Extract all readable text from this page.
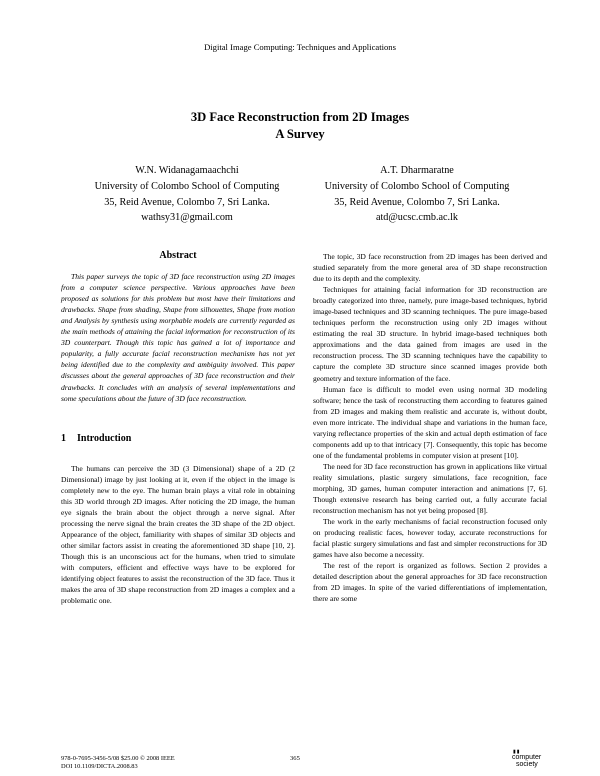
Digital Image Computing: Techniques and Applications
3D Face Reconstruction from 2D Images
A Survey
W.N. Widanagamaachchi
University of Colombo School of Computing
35, Reid Avenue, Colombo 7, Sri Lanka.
wathsy31@gmail.com
A.T. Dharmaratne
University of Colombo School of Computing
35, Reid Avenue, Colombo 7, Sri Lanka.
atd@ucsc.cmb.ac.lk
Abstract

This paper surveys the topic of 3D face reconstruction using 2D images from a computer science perspective. Various approaches have been proposed as solutions for this problem but most have their limitations and drawbacks. Shape from shading, Shape from silhouettes, Shape from motion and Analysis by synthesis using morphable models are currently regarded as the main methods of attaining the facial information for reconstruction of its 3D counterpart. Though this topic has gained a lot of importance and popularity, a fully accurate facial reconstruction mechanism has not yet being identified due to the complexity and ambiguity involved. This paper discusses about the general approaches of 3D face reconstruction and their drawbacks. It concludes with an analysis of several implementations and some speculations about the future of 3D face reconstruction.

1 Introduction

The humans can perceive the 3D (3 Dimensional) shape of a 2D (2 Dimensional) image by just looking at it, even if the object in the image is completely new to the eye. The human brain plays a vital role in obtaining this 3D world through 2D images. After noticing the 2D image, the human eye signals the brain about the object through a nerve signal. After processing the nerve signal the brain creates the 3D shape of the 2D object. Appearance of the object, familiarity with shapes of similar 3D objects and other similar factors assist in creating the aforementioned 3D shape [10, 2]. Though this is an unconscious act for the humans, when tried to simulate with computers, efficient and effective ways have to be explored for identifying object features to assist the reconstruction of the 3D face. Thus it makes the area of 3D shape reconstruction from 2D images a complex and a problematic one.

The topic, 3D face reconstruction from 2D images has been derived and studied separately from the more general area of 3D shape reconstruction due to its depth and the complexity.

Techniques for attaining facial information for 3D reconstruction are broadly categorized into three, namely, pure image-based techniques, hybrid image-based techniques and 3D scanning techniques. The pure image-based techniques perform the reconstruction using only 2D images without estimating the real 3D structure. In hybrid image-based techniques both approximations and the data gained from images are used in the reconstruction process. The 3D scanning techniques have the capability to capture the complete 3D structure since scanned images provide both geometry and texture information of the face.

Human face is difficult to model even using normal 3D modeling software; hence the task of reconstructing them according to features gained from 2D images and making them realistic and accurate is, without doubt, even more intricate. The individual shape and variations in the human face, varying reflectance properties of the skin and actual depth estimation of face components add up to that intricacy [7]. Consequently, this topic has become one of the fundamental problems in computer vision at present [10].

The need for 3D face reconstruction has grown in applications like virtual reality simulations, plastic surgery simulations, face recognition, face morphing, 3D games, human computer interaction and animations [7, 6]. Though extensive research has being carried out, a fully accurate facial reconstruction mechanism has not yet being proposed [8].

The work in the early mechanisms of facial reconstruction focused only on producing realistic faces, however today, accurate reconstructions for facial plastic surgery simulations and fast and simpler reconstructions for 3D games have also become a necessity.

The rest of the report is organized as follows. Section 2 provides a detailed description about the general approaches for 3D face reconstruction from 2D images. In spite of the varied differentiations of implementation, there are some

978-0-7695-3456-5/08 $25.00 © 2008 IEEE
DOI 10.1109/DICTA.2008.83
365
▮▮
computer
society
